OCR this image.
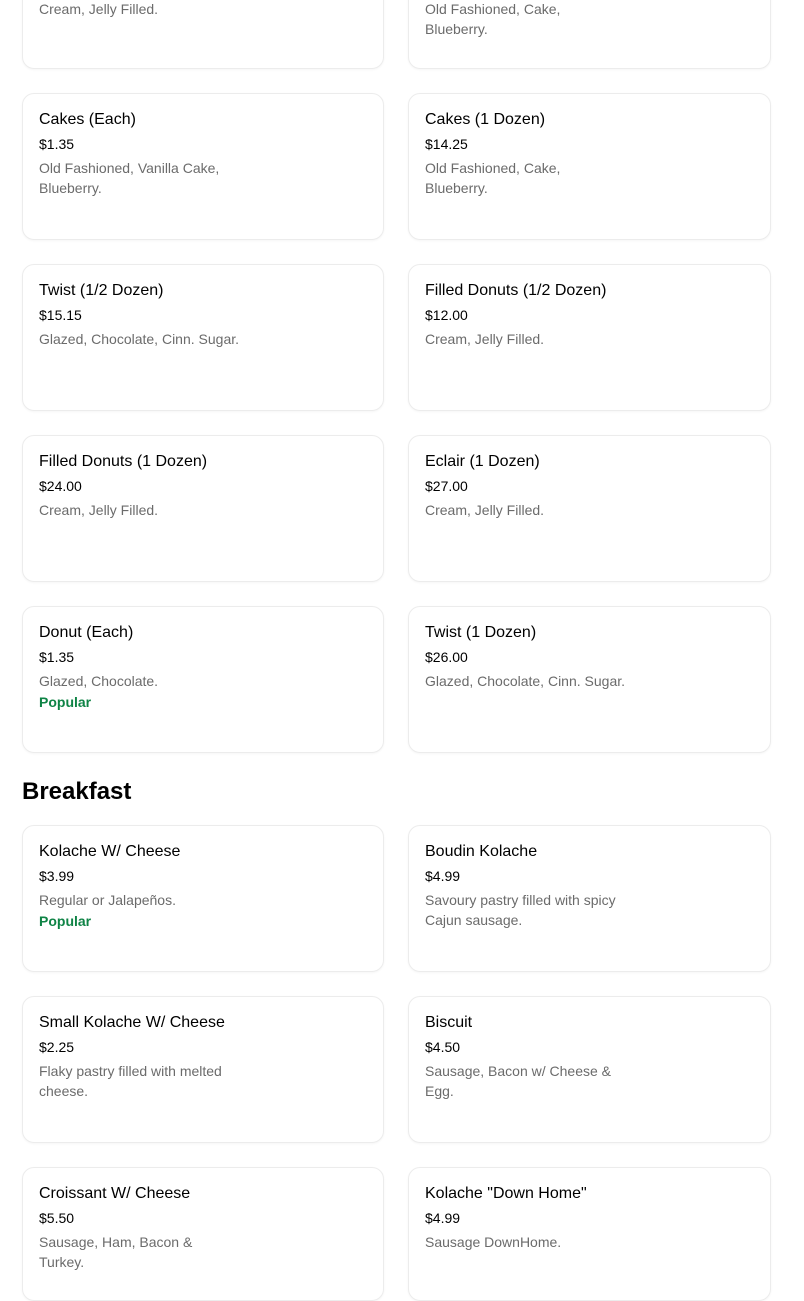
Cream, Jelly Filled.	Old Fashioned, Cake, Blueberry.
Cakes (Each)
$1.35
Old Fashioned, Vanilla Cake, Blueberry.
Cakes (1 Dozen)
$14.25
Old Fashioned, Cake, Blueberry.
Twist (1/2 Dozen)
$15.15
Glazed, Chocolate, Cinn. Sugar.
Filled Donuts (1/2 Dozen)
$12.00
Cream, Jelly Filled.
Filled Donuts (1 Dozen)
$24.00
Cream, Jelly Filled.
Eclair (1 Dozen)
$27.00
Cream, Jelly Filled.
Donut (Each)
$1.35
Glazed, Chocolate.
Popular
Twist (1 Dozen)
$26.00
Glazed, Chocolate, Cinn. Sugar.
Breakfast
Kolache W/ Cheese
$3.99
Regular or Jalapeños.
Popular
Boudin Kolache
$4.99
Savoury pastry filled with spicy Cajun sausage.
Small Kolache W/ Cheese
$2.25
Flaky pastry filled with melted cheese.
Biscuit
$4.50
Sausage, Bacon w/ Cheese & Egg.
Croissant W/ Cheese
$5.50
Sausage, Ham, Bacon & Turkey.
Kolache "Down Home"
$4.99
Sausage DownHome.
